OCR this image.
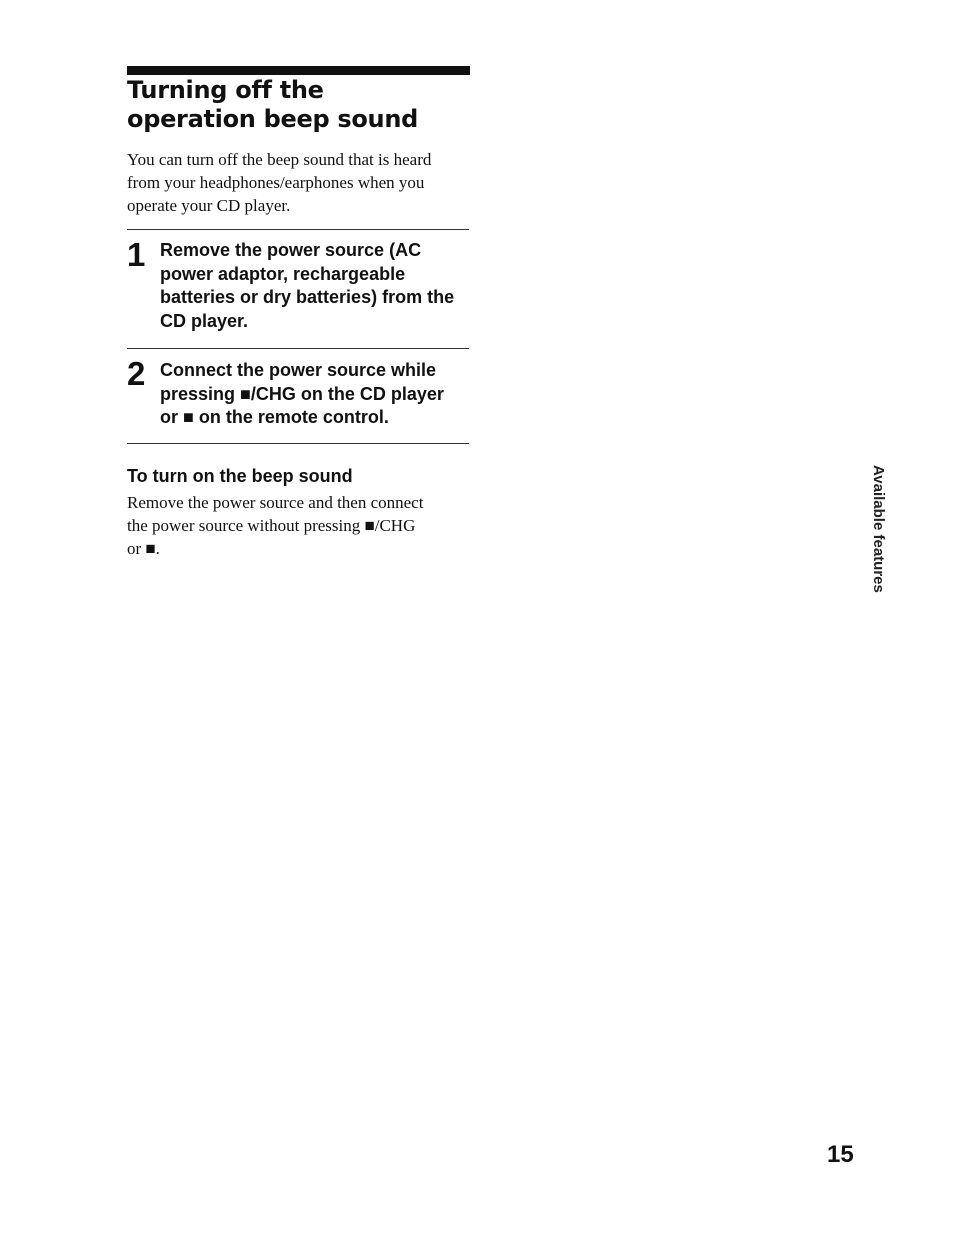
Turning off the
operation beep sound

You can turn off the beep sound that is heard
from your headphones/earphones when you
operate your CD player.

1 Remove the power source (AC
power adaptor, rechargeable
batteries or dry batteries) from the
CD player.

2 Connect the power source while
pressing ■/CHG on the CD player
or ■ on the remote control.

To turn on the beep sound

Remove the power source and then connect
the power source without pressing ■/CHG
or ■.	Available features
15
